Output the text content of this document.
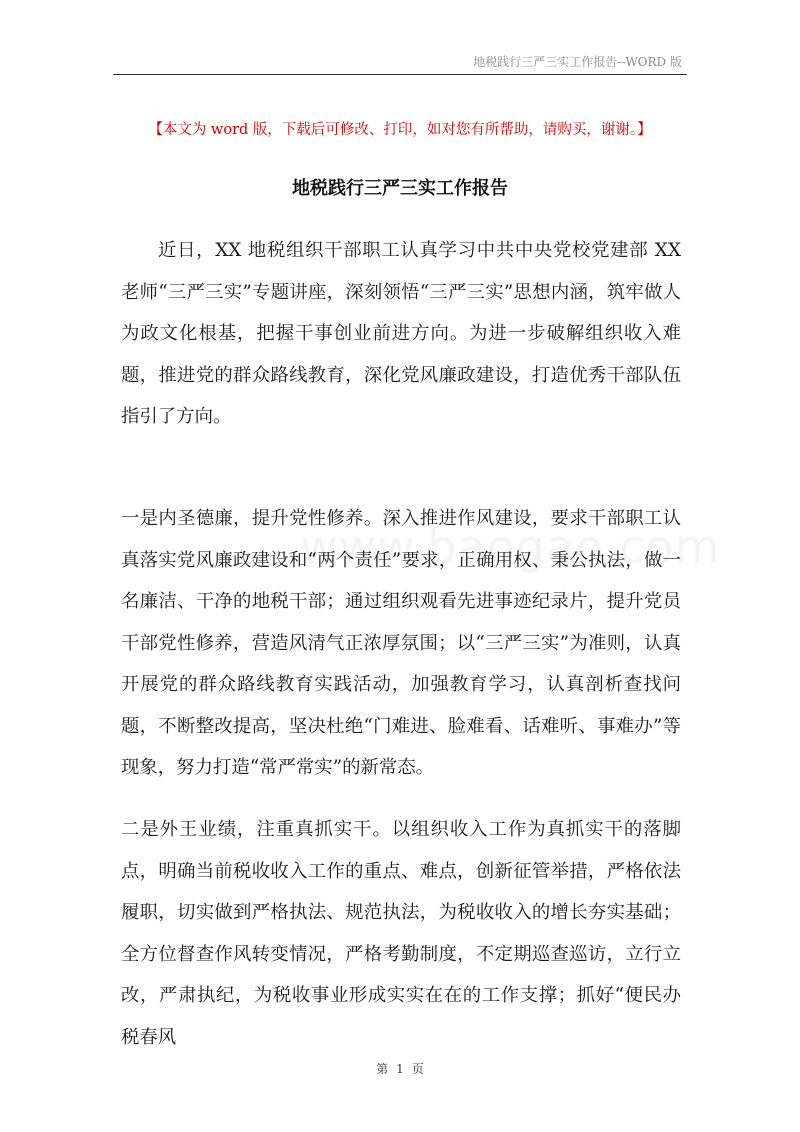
地税践行三严三实工作报告--WORD 版
【本文为 word 版，下载后可修改、打印，如对您有所帮助，请购买，谢谢。】
地税践行三严三实工作报告

近日，XX 地税组织干部职工认真学习中共中央党校党建部 XX 老师“三严三实”专题讲座，深刻领悟“三严三实”思想内涵，筑牢做人为政文化根基，把握干事创业前进方向。为进一步破解组织收入难题，推进党的群众路线教育，深化党风廉政建设，打造优秀干部队伍指引了方向。

一是内圣德廉，提升党性修养。深入推进作风建设，要求干部职工认真落实党风廉政建设和“两个责任”要求，正确用权、秉公执法，做一名廉洁、干净的地税干部；通过组织观看先进事迹纪录片，提升党员干部党性修养，营造风清气正浓厚氛围；以“三严三实”为准则，认真开展党的群众路线教育实践活动，加强教育学习，认真剖析查找问题，不断整改提高，坚决杜绝“门难进、脸难看、话难听、事难办”等现象，努力打造“常严常实”的新常态。

二是外王业绩，注重真抓实干。以组织收入工作为真抓实干的落脚点，明确当前税收收入工作的重点、难点，创新征管举措，严格依法履职，切实做到严格执法、规范执法，为税收收入的增长夯实基础；全方位督查作风转变情况，严格考勤制度，不定期巡查巡访，立行立改，严肃执纪，为税收事业形成实实在在的工作支撑；抓好“便民办税春风

第 1 页
